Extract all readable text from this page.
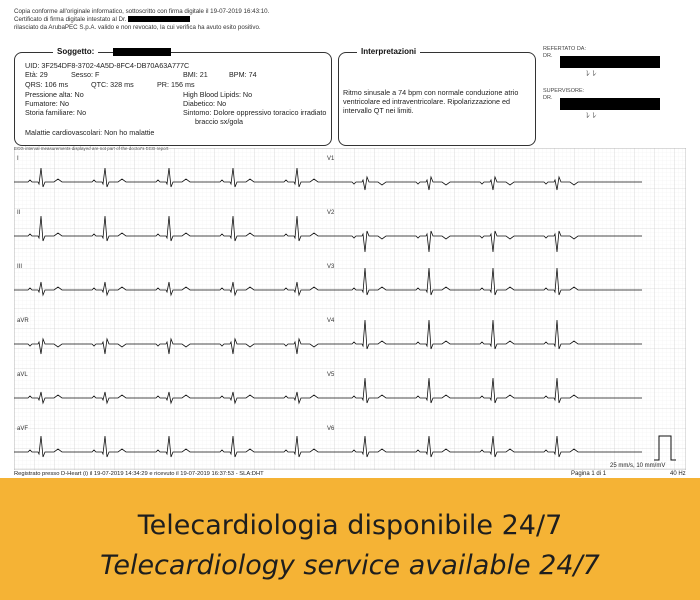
Copia conforme all'originale informatico, sottoscritto con firma digitale il 19-07-2019 16:43:10.
Certificato di firma digitale intestato al Dr.
rilasciato da ArubaPEC S.p.A. valido e non revocato, la cui verifica ha avuto esito positivo.
Soggetto:
UID: 3F254DF8-3702-4A5D-8FC4-DB70A63A777C
Età: 29	Sesso: F	BMI: 21	BPM: 74
QRS: 106 ms	QTC: 328 ms	PR: 156 ms
Pressione alta: No
Fumatore: No
Storia familiare: No
High Blood Lipids: No
Diabetico: No
Sintomo: Dolore oppressivo toracico irradiato
braccio sx/gola
Malattie cardiovascolari: Non ho malattie
Interpretazioni
Ritmo sinusale a 74 bpm con normale conduzione atrio
ventricolare ed intraventricolare. Ripolarizzazione ed
intervallo QT nei limiti.
REFERTATO DA:
DR.
ﾚ ﾚ
SUPERVISORE:
DR.
ﾚ ﾚ
I
II
III
aVR
aVL
aVF
V1
V2
V3
V4
V5
V6
Registrato presso D-Heart (i) il 19-07-2019 14:34:29 e ricevuto il 19-07-2019 16:37:53 - SLA:DHT	Pagina 1 di 1
25 mm/s, 10 mm/mV
40 Hz
Telecardiologia disponibile 24/7
Telecardiology service available 24/7
